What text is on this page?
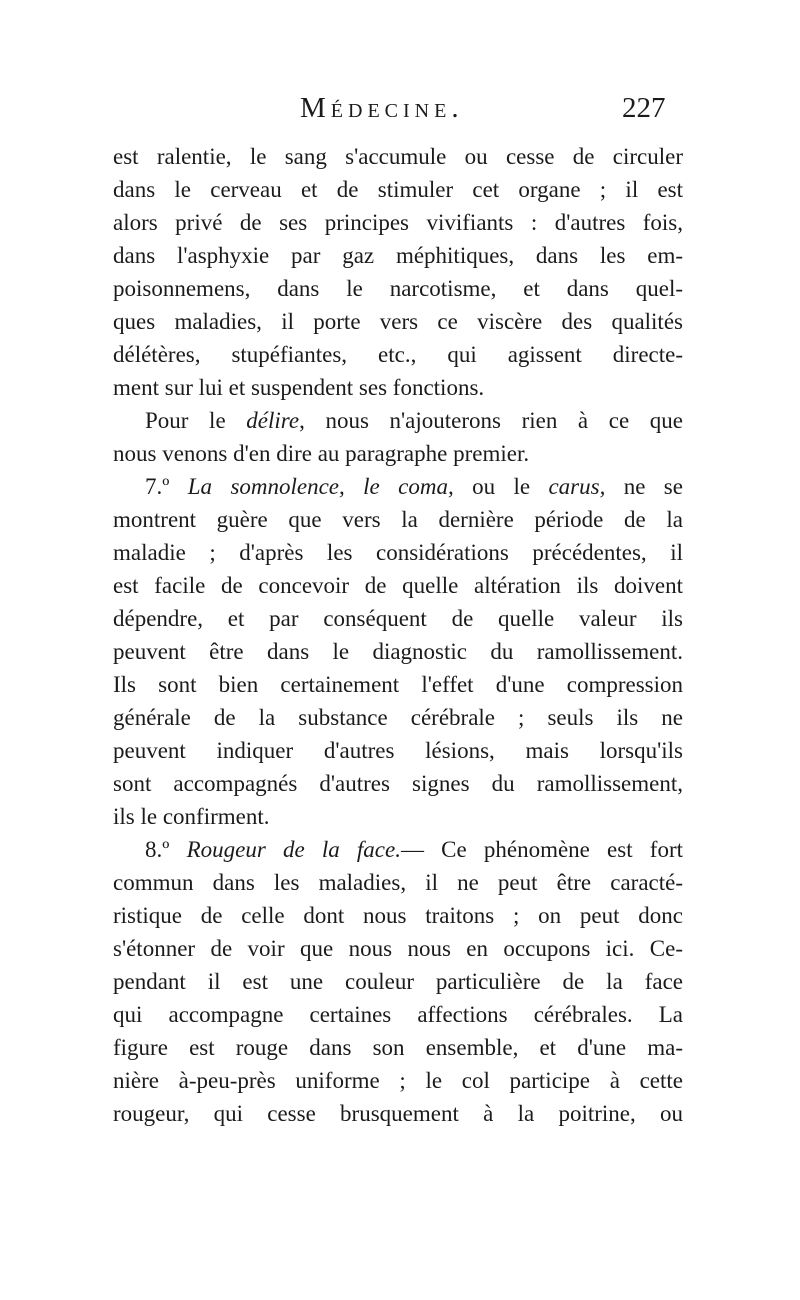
Médecine.	227
est ralentie, le sang s'accumule ou cesse de circuler
dans le cerveau et de stimuler cet organe ; il est
alors privé de ses principes vivifiants : d'autres fois,
dans l'asphyxie par gaz méphitiques, dans les em-
poisonnemens, dans le narcotisme, et dans quel-
ques maladies, il porte vers ce viscère des qualités
délétères, stupéfiantes, etc., qui agissent directe-
ment sur lui et suspendent ses fonctions.
Pour le délire, nous n'ajouterons rien à ce que
nous venons d'en dire au paragraphe premier.
7.º La somnolence, le coma, ou le carus, ne se
montrent guère que vers la dernière période de la
maladie ; d'après les considérations précédentes, il
est facile de concevoir de quelle altération ils doivent
dépendre, et par conséquent de quelle valeur ils
peuvent être dans le diagnostic du ramollissement.
Ils sont bien certainement l'effet d'une compression
générale de la substance cérébrale ; seuls ils ne
peuvent indiquer d'autres lésions, mais lorsqu'ils
sont accompagnés d'autres signes du ramollissement,
ils le confirment.
8.º Rougeur de la face.— Ce phénomène est fort
commun dans les maladies, il ne peut être caracté-
ristique de celle dont nous traitons ; on peut donc
s'étonner de voir que nous nous en occupons ici. Ce-
pendant il est une couleur particulière de la face
qui accompagne certaines affections cérébrales. La
figure est rouge dans son ensemble, et d'une ma-
nière à-peu-près uniforme ; le col participe à cette
rougeur, qui cesse brusquement à la poitrine, ou
